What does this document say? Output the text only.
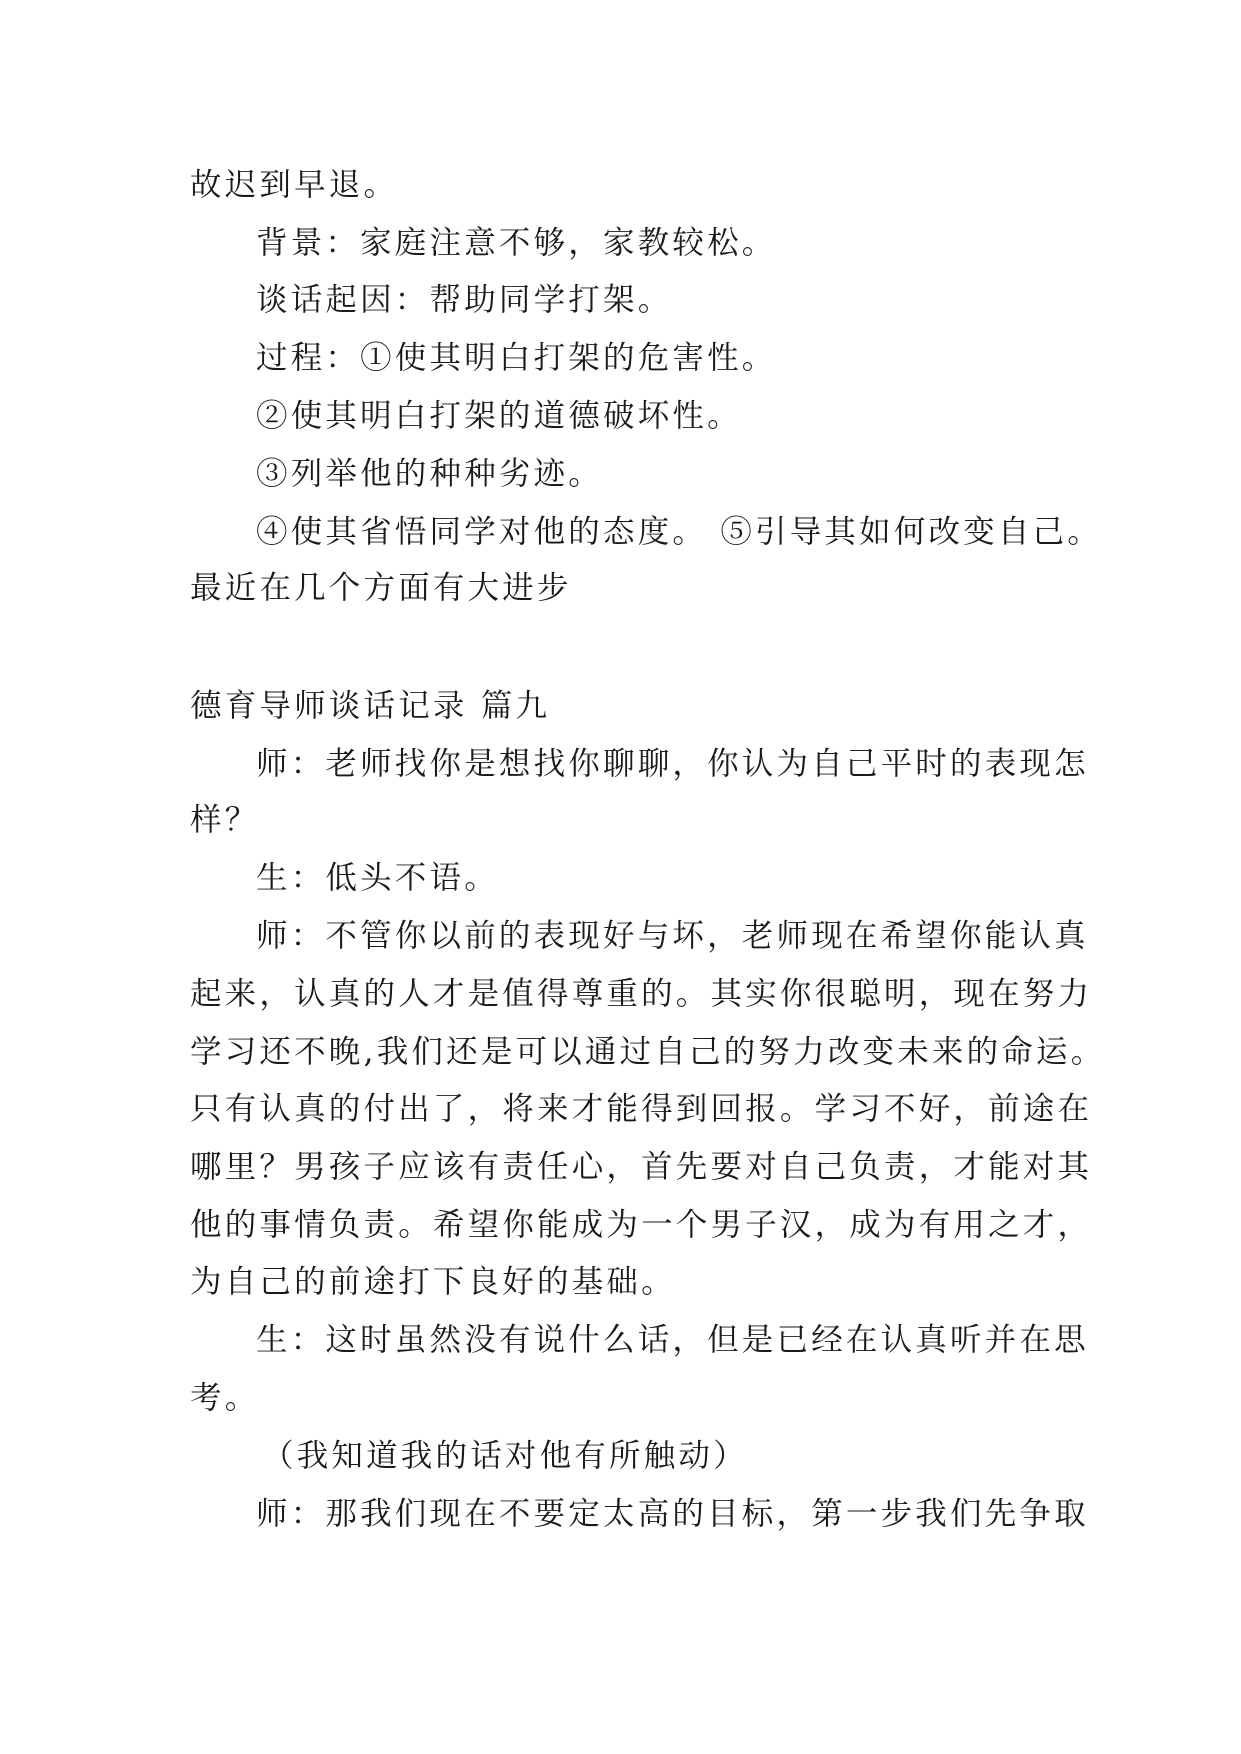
故迟到早退。

背景：家庭注意不够，家教较松。

谈话起因：帮助同学打架。

过程：①使其明白打架的危害性。

②使其明白打架的道德破坏性。

③列举他的种种劣迹。

④使其省悟同学对他的态度。 ⑤引导其如何改变自己。

最近在几个方面有大进步

德育导师谈话记录 篇九

师：老师找你是想找你聊聊，你认为自己平时的表现怎

样？

生：低头不语。

师：不管你以前的表现好与坏，老师现在希望你能认真

起来，认真的人才是值得尊重的。其实你很聪明，现在努力

学习还不晚,我们还是可以通过自己的努力改变未来的命运。

只有认真的付出了，将来才能得到回报。学习不好，前途在

哪里？男孩子应该有责任心，首先要对自己负责，才能对其

他的事情负责。希望你能成为一个男子汉，成为有用之才，

为自己的前途打下良好的基础。

生：这时虽然没有说什么话，但是已经在认真听并在思

考。

（我知道我的话对他有所触动）

师：那我们现在不要定太高的目标，第一步我们先争取
